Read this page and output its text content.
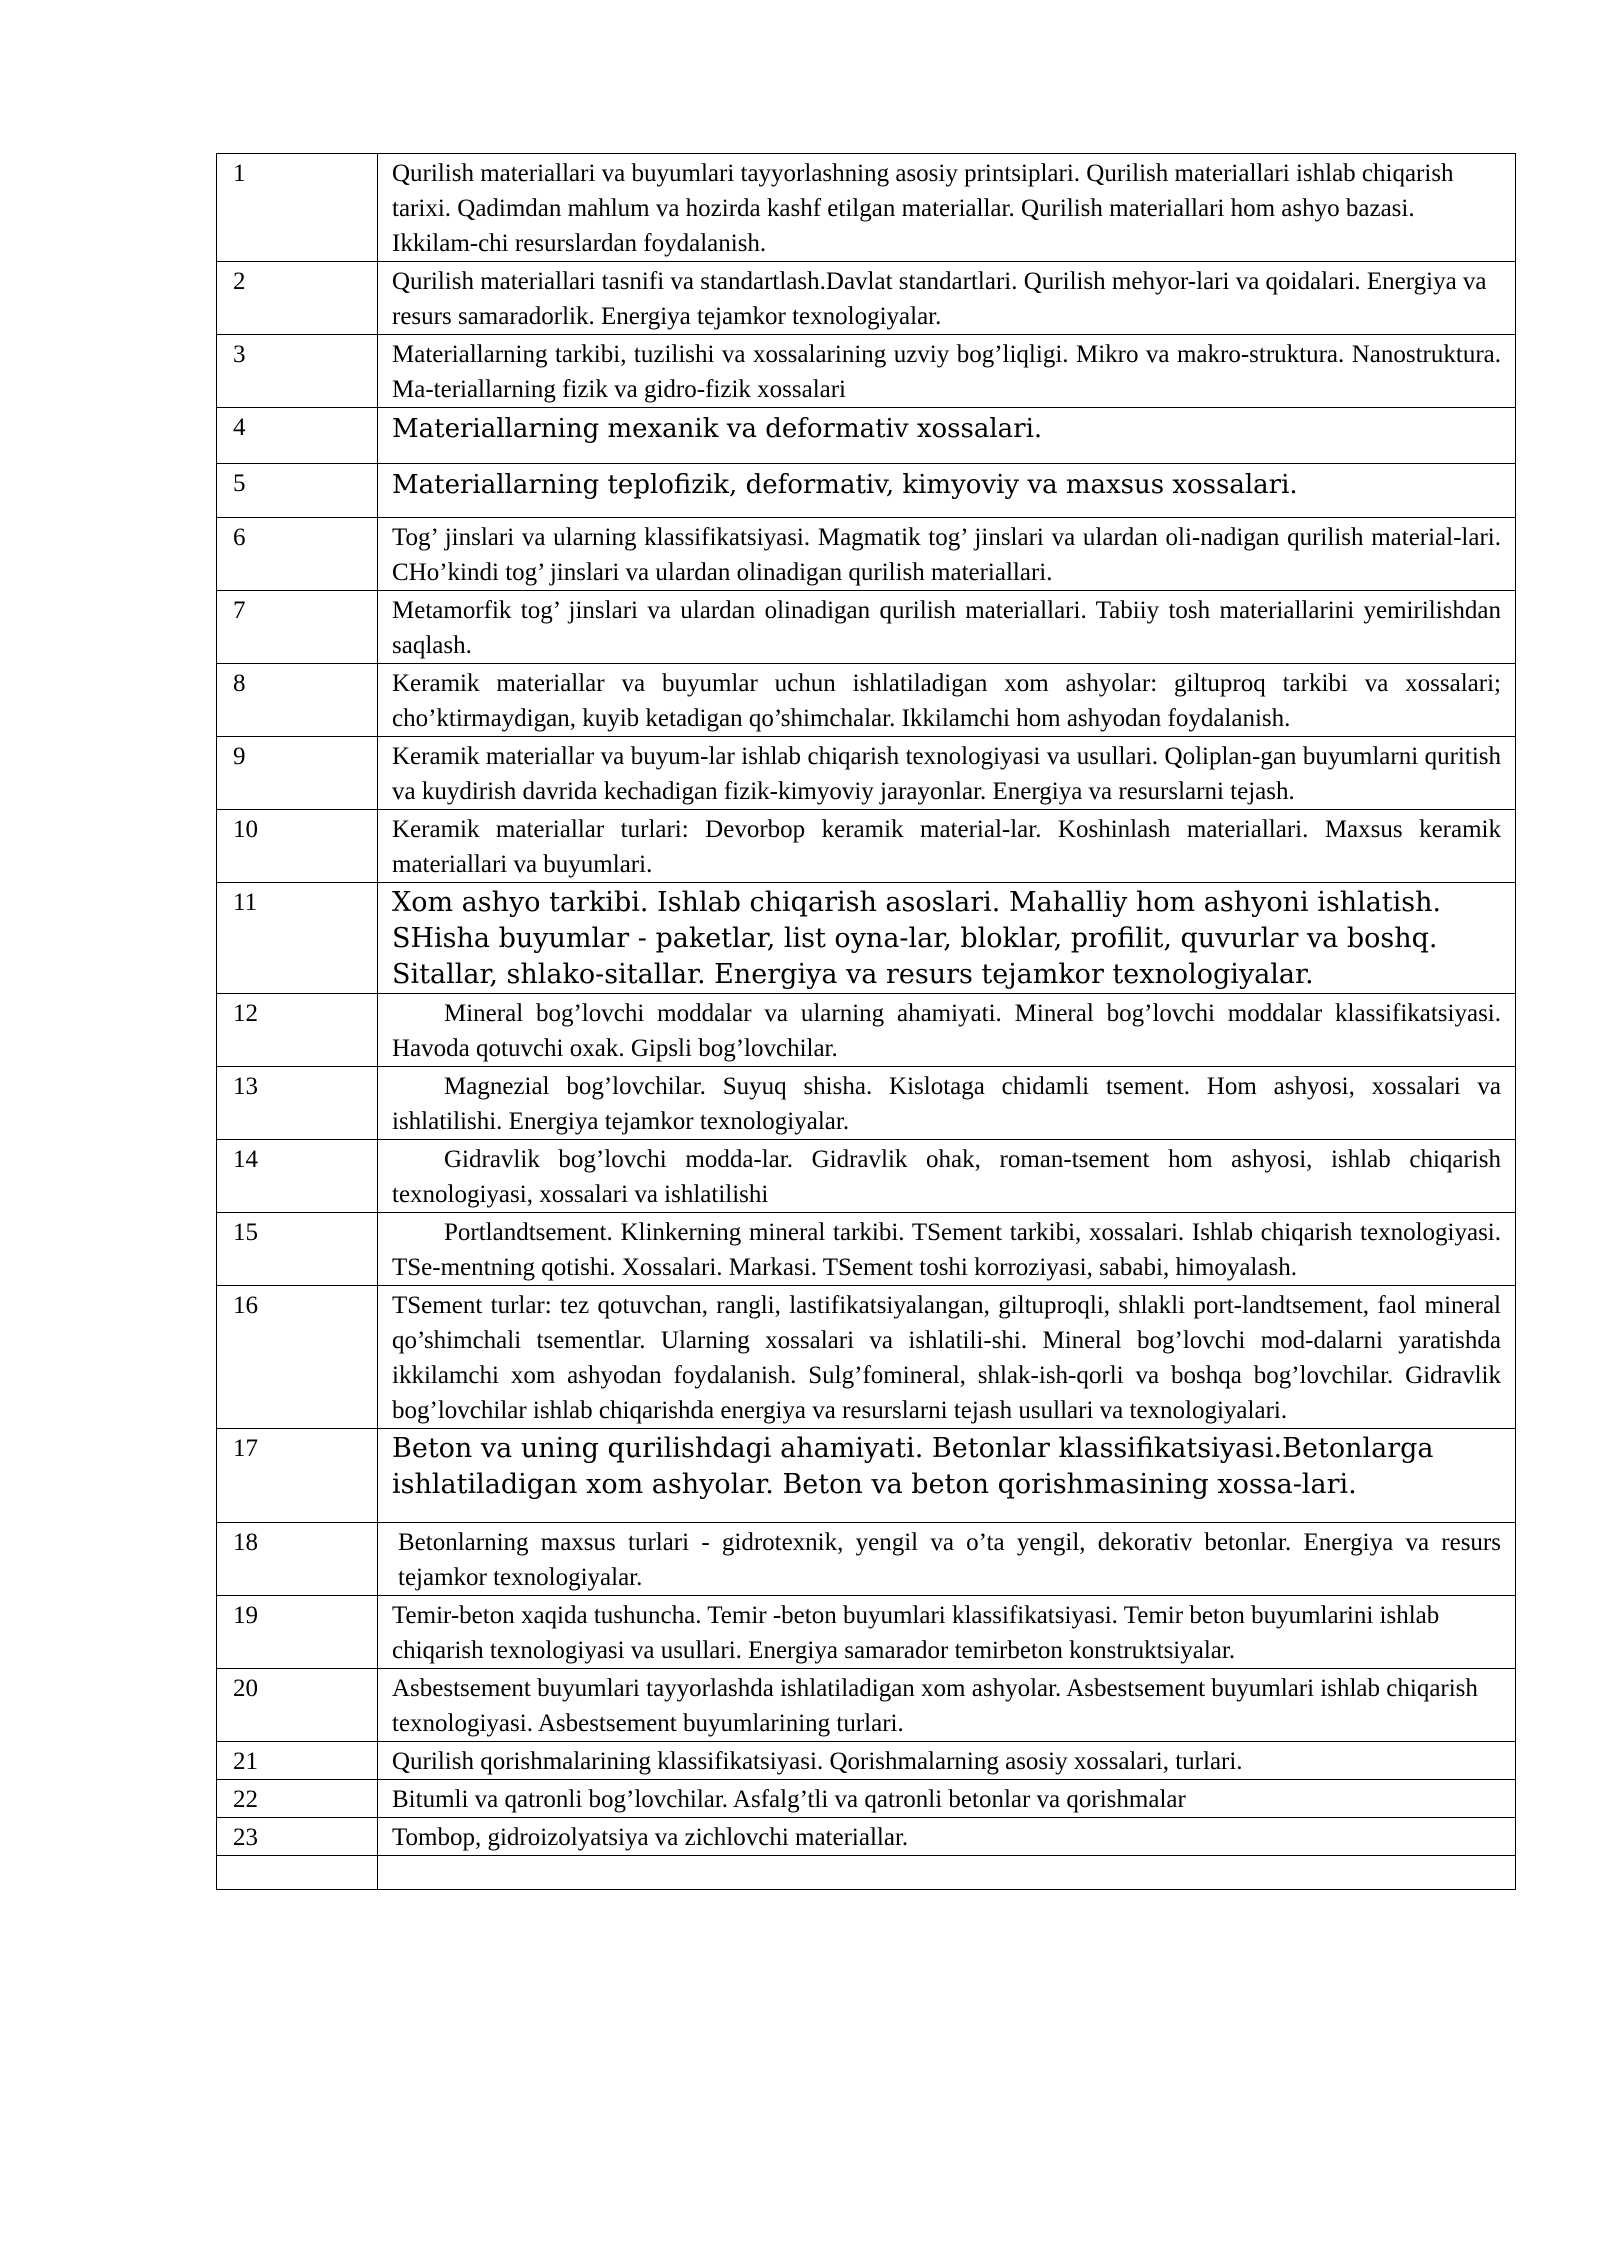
1	Qurilish materiallari va buyumlari tayyorlashning asosiy printsiplari. Qurilish materiallari ishlab chiqarish tarixi. Qadimdan mahlum va hozirda kashf etilgan materiallar. Qurilish materiallari hom ashyo bazasi. Ikkilam-chi resurslardan foydalanish.
2	Qurilish materiallari tasnifi va standartlash.Davlat standartlari. Qurilish mehyor-lari va qoidalari. Energiya va resurs samaradorlik. Energiya tejamkor texnologiyalar.
3	Materiallarning tarkibi, tuzilishi va xossalarining uzviy bog’liqligi. Mikro va makro-struktura. Nanostruktura. Ma-teriallarning fizik va gidro-fizik xossalari
4	Materiallarning mexanik va deformativ xossalari.
5	Materiallarning teplofizik, deformativ, kimyoviy va maxsus xossalari.
6	Tog’ jinslari va ularning klassifikatsiyasi. Magmatik tog’ jinslari va ulardan oli-nadigan qurilish material-lari. CHo’kindi tog’ jinslari va ulardan olinadigan qurilish materiallari.
7	Metamorfik tog’ jinslari va ulardan olinadigan qurilish materiallari. Tabiiy tosh materiallarini yemirilishdan saqlash.
8	Keramik materiallar va buyumlar uchun ishlatiladigan xom ashyolar: giltuproq tarkibi va xossalari; cho’ktirmaydigan, kuyib ketadigan qo’shimchalar. Ikkilamchi hom ashyodan foydalanish.
9	Keramik materiallar va buyum-lar ishlab chiqarish texnologiyasi va usullari. Qoliplan-gan buyumlarni quritish va kuydirish davrida kechadigan fizik-kimyoviy jarayonlar. Energiya va resurslarni tejash.
10	Keramik materiallar turlari: Devorbop keramik material-lar. Koshinlash materiallari. Maxsus keramik materiallari va buyumlari.
11	Xom ashyo tarkibi. Ishlab chiqarish asoslari. Mahalliy hom ashyoni ishlatish. SHisha buyumlar - paketlar, list oyna-lar, bloklar, profilit, quvurlar va boshq. Sitallar, shlako-sitallar. Energiya va resurs tejamkor texnologiyalar.
12	Mineral bog’lovchi moddalar va ularning ahamiyati. Mineral bog’lovchi moddalar klassifikatsiyasi. Havoda qotuvchi oxak. Gipsli bog’lovchilar.
13	Magnezial bog’lovchilar. Suyuq shisha. Kislotaga chidamli tsement. Hom ashyosi, xossalari va ishlatilishi. Energiya tejamkor texnologiyalar.
14	Gidravlik bog’lovchi modda-lar. Gidravlik ohak, roman-tsement hom ashyosi, ishlab chiqarish texnologiyasi, xossalari va ishlatilishi
15	Portlandtsement. Klinkerning mineral tarkibi. TSement tarkibi, xossalari. Ishlab chiqarish texnologiyasi. TSe-mentning qotishi. Xossalari. Markasi. TSement toshi korroziyasi, sababi, himoyalash.
16	TSement turlar: tez qotuvchan, rangli, lastifikatsiyalangan, giltuproqli, shlakli port-landtsement, faol mineral qo’shimchali tsementlar. Ularning xossalari va ishlatili-shi. Mineral bog’lovchi mod-dalarni yaratishda ikkilamchi xom ashyodan foydalanish. Sulg’fomineral, shlak-ish-qorli va boshqa bog’lovchilar. Gidravlik bog’lovchilar ishlab chiqarishda energiya va resurslarni tejash usullari va texnologiyalari.
17	Beton va uning qurilishdagi ahamiyati. Betonlar klassifikatsiyasi.Betonlarga ishlatiladigan xom ashyolar. Beton va beton qorishmasining xossa-lari.
18	Betonlarning maxsus turlari - gidrotexnik, yengil va o’ta yengil, dekorativ betonlar. Energiya va resurs tejamkor texnologiyalar.
19	Temir-beton xaqida tushuncha. Temir -beton buyumlari klassifikatsiyasi. Temir beton buyumlarini ishlab chiqarish texnologiyasi va usullari. Energiya samarador temirbeton konstruktsiyalar.
20	Asbestsement buyumlari tayyorlashda ishlatiladigan xom ashyolar. Asbestsement buyumlari ishlab chiqarish texnologiyasi. Asbestsement buyumlarining turlari.
21	Qurilish qorishmalarining klassifikatsiyasi. Qorishmalarning asosiy xossalari, turlari.
22	Bitumli va qatronli bog’lovchilar. Asfalg’tli va qatronli betonlar va qorishmalar
23	Tombop, gidroizolyatsiya va zichlovchi materiallar.
